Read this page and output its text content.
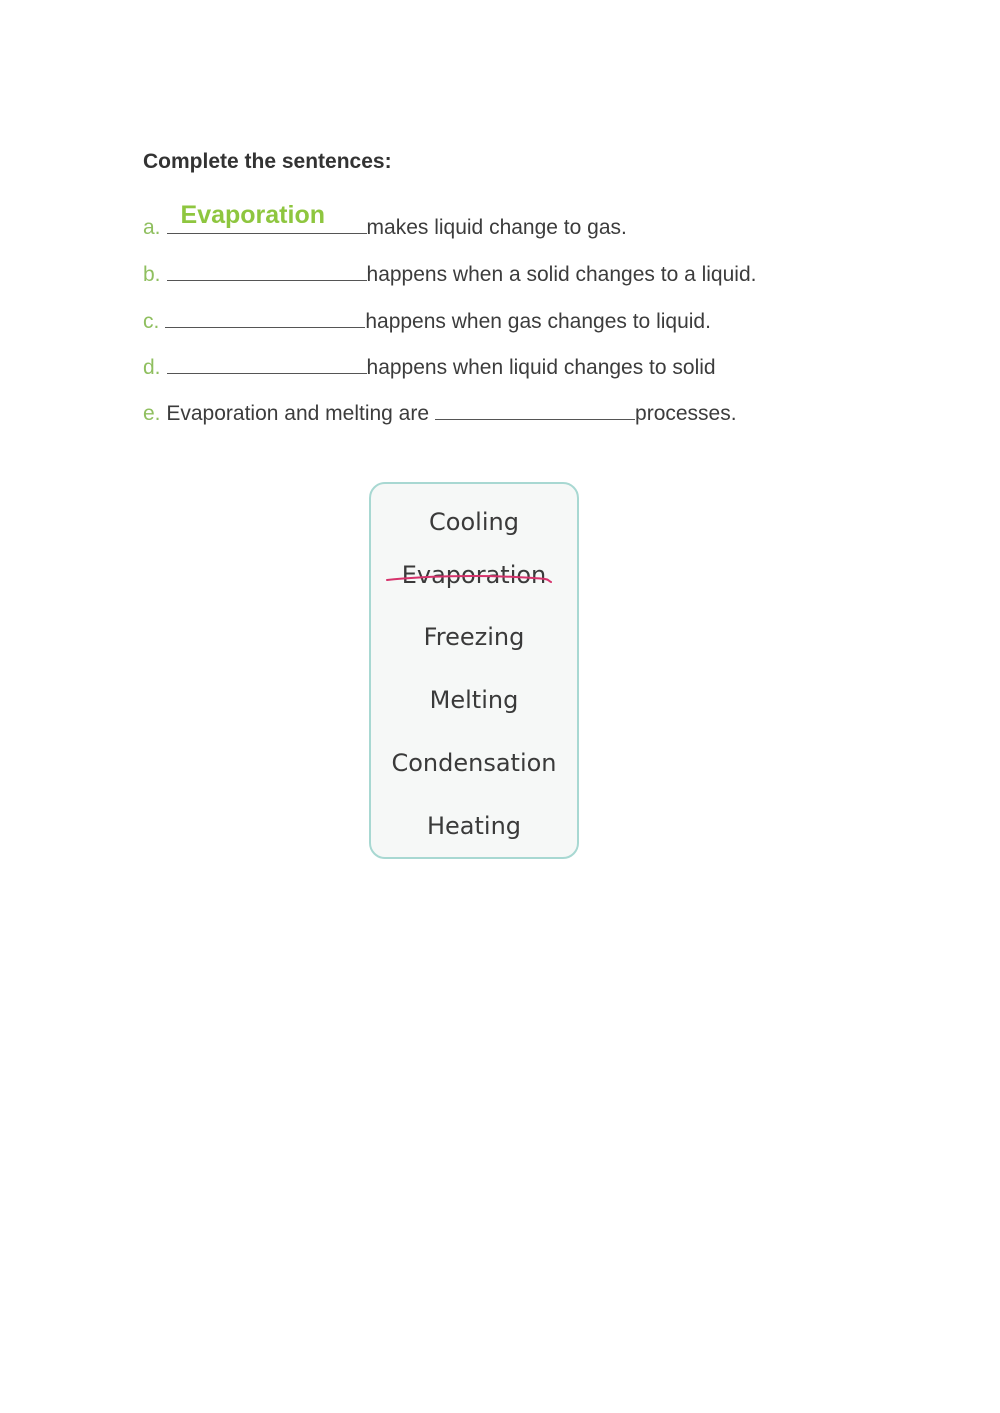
Complete the sentences:
a.
Evaporation	makes liquid change to gas.
b.	happens when a solid changes to a liquid.
c.	happens when gas changes to liquid.
d.	happens when liquid changes to solid
e. Evaporation and melting are	processes.
Cooling
Evaporation
Freezing
Melting
Condensation
Heating
